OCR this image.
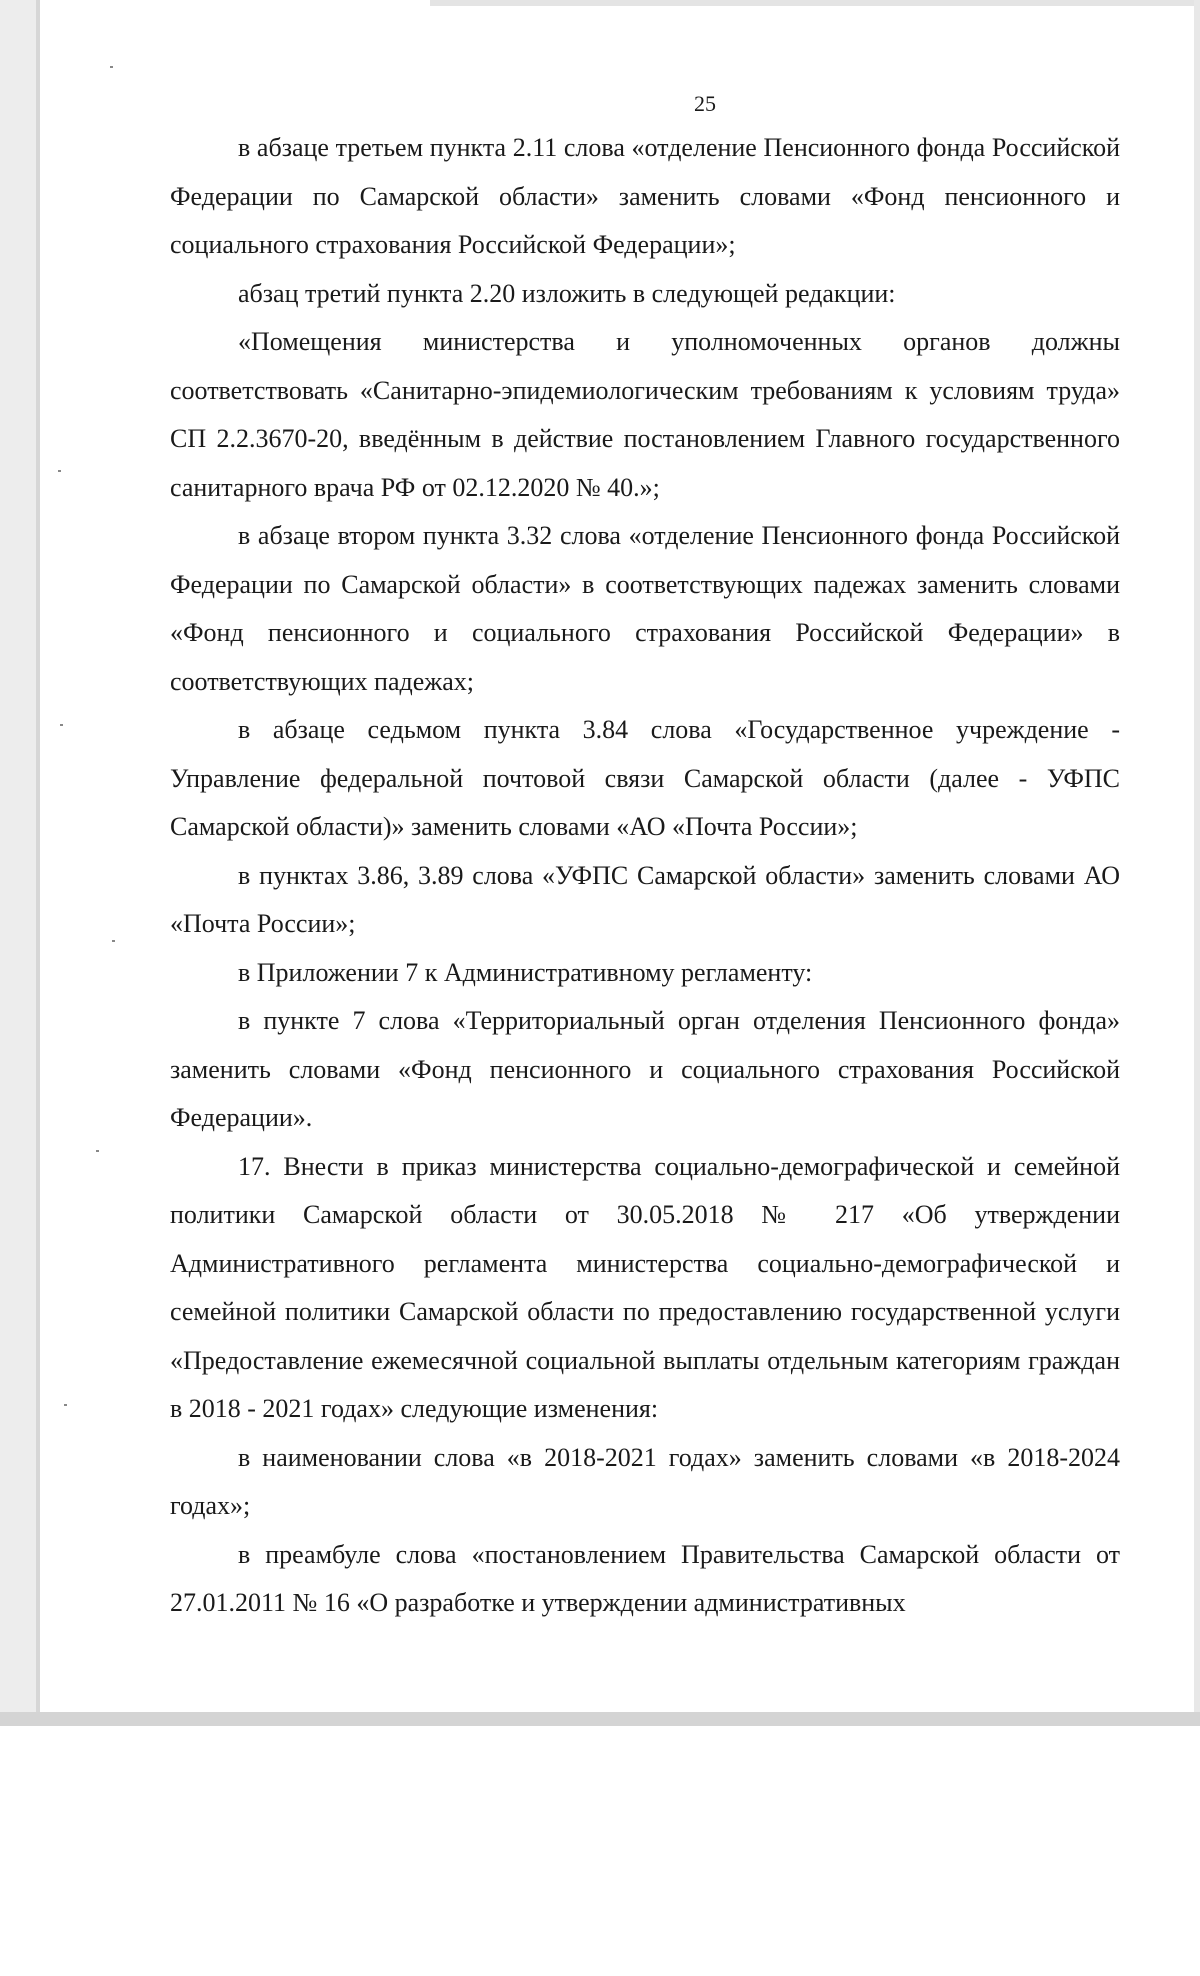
25

в абзаце третьем пункта 2.11 слова «отделение Пенсионного фонда Российской Федерации по Самарской области» заменить словами «Фонд пенсионного и социального страхования Российской Федерации»;

абзац третий пункта 2.20 изложить в следующей редакции:

«Помещения министерства и уполномоченных органов должны соответствовать «Санитарно-эпидемиологическим требованиям к условиям труда» СП 2.2.3670-20, введённым в действие постановлением Главного государственного санитарного врача РФ от 02.12.2020 № 40.»;

в абзаце втором пункта 3.32 слова «отделение Пенсионного фонда Российской Федерации по Самарской области» в соответствующих падежах заменить словами «Фонд пенсионного и социального страхования Российской Федерации» в соответствующих падежах;

в абзаце седьмом пункта 3.84 слова «Государственное учреждение - Управление федеральной почтовой связи Самарской области (далее - УФПС Самарской области)» заменить словами «АО «Почта России»;

в пунктах 3.86, 3.89 слова «УФПС Самарской области» заменить словами АО «Почта России»;

в Приложении 7 к Административному регламенту:

в пункте 7 слова «Территориальный орган отделения Пенсионного фонда» заменить словами «Фонд пенсионного и социального страхования Российской Федерации».

17. Внести в приказ министерства социально-демографической и семейной политики Самарской области от 30.05.2018 № 217 «Об утверждении Административного регламента министерства социально-демографической и семейной политики Самарской области по предоставлению государственной услуги «Предоставление ежемесячной социальной выплаты отдельным категориям граждан в 2018 - 2021 годах» следующие изменения:

в наименовании слова «в 2018-2021 годах» заменить словами «в 2018-2024 годах»;

в преамбуле слова «постановлением Правительства Самарской области от 27.01.2011 № 16 «О разработке и утверждении административных
